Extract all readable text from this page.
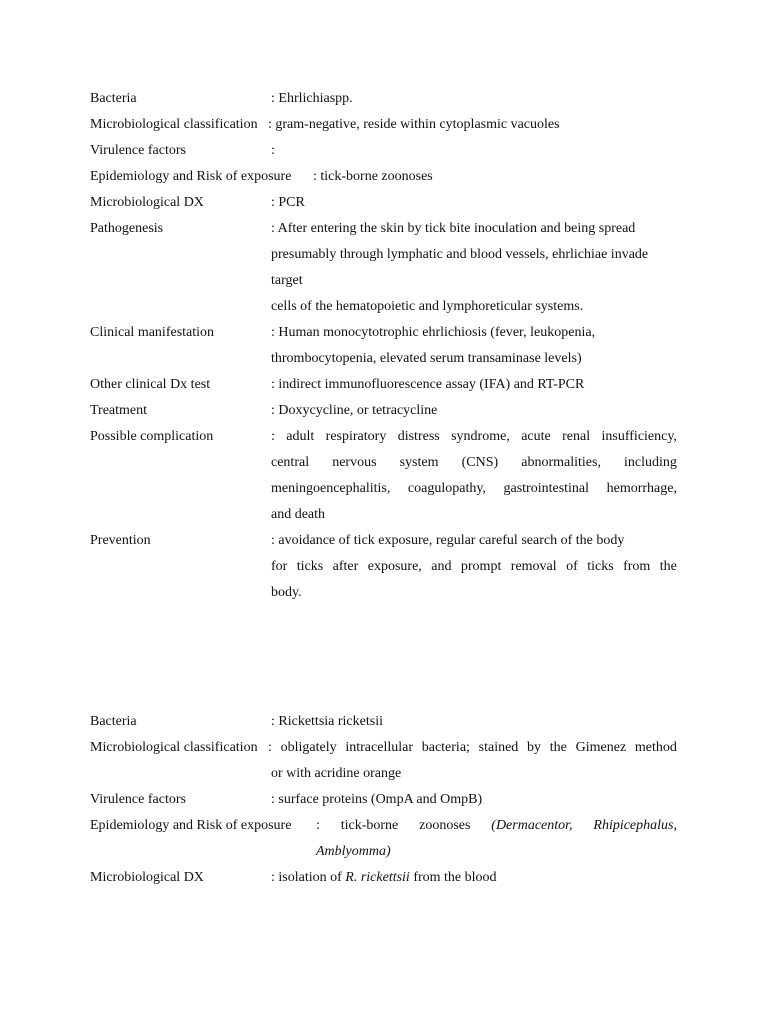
Bacteria	: Ehrlichiaspp.
Microbiological classification : gram-negative, reside within cytoplasmic vacuoles
Virulence factors	:
Epidemiology and Risk of exposure : tick-borne zoonoses
Microbiological DX	: PCR
Pathogenesis	: After entering the skin by tick bite inoculation and being spread
presumably through lymphatic and blood vessels, ehrlichiae invade
target
cells of the hematopoietic and lymphoreticular systems.
Clinical manifestation	: Human monocytotrophic ehrlichiosis (fever, leukopenia,
thrombocytopenia, elevated serum transaminase levels)
Other clinical Dx test	: indirect immunofluorescence assay (IFA) and RT-PCR
Treatment	: Doxycycline, or tetracycline
Possible complication	: adult respiratory distress syndrome, acute renal insufficiency,
central nervous system (CNS) abnormalities, including
meningoencephalitis, coagulopathy, gastrointestinal hemorrhage,
and death
Prevention	: avoidance of tick exposure, regular careful search of the body
for ticks after exposure, and prompt removal of ticks from the
body.
Bacteria	: Rickettsia ricketsii
Microbiological classification : obligately intracellular bacteria; stained by the Gimenez method
or with acridine orange
Virulence factors	: surface proteins (OmpA and OmpB)
Epidemiology and Risk of exposure : tick-borne zoonoses (Dermacentor, Rhipicephalus,
Amblyomma)
Microbiological DX	: isolation of R. rickettsii from the blood
